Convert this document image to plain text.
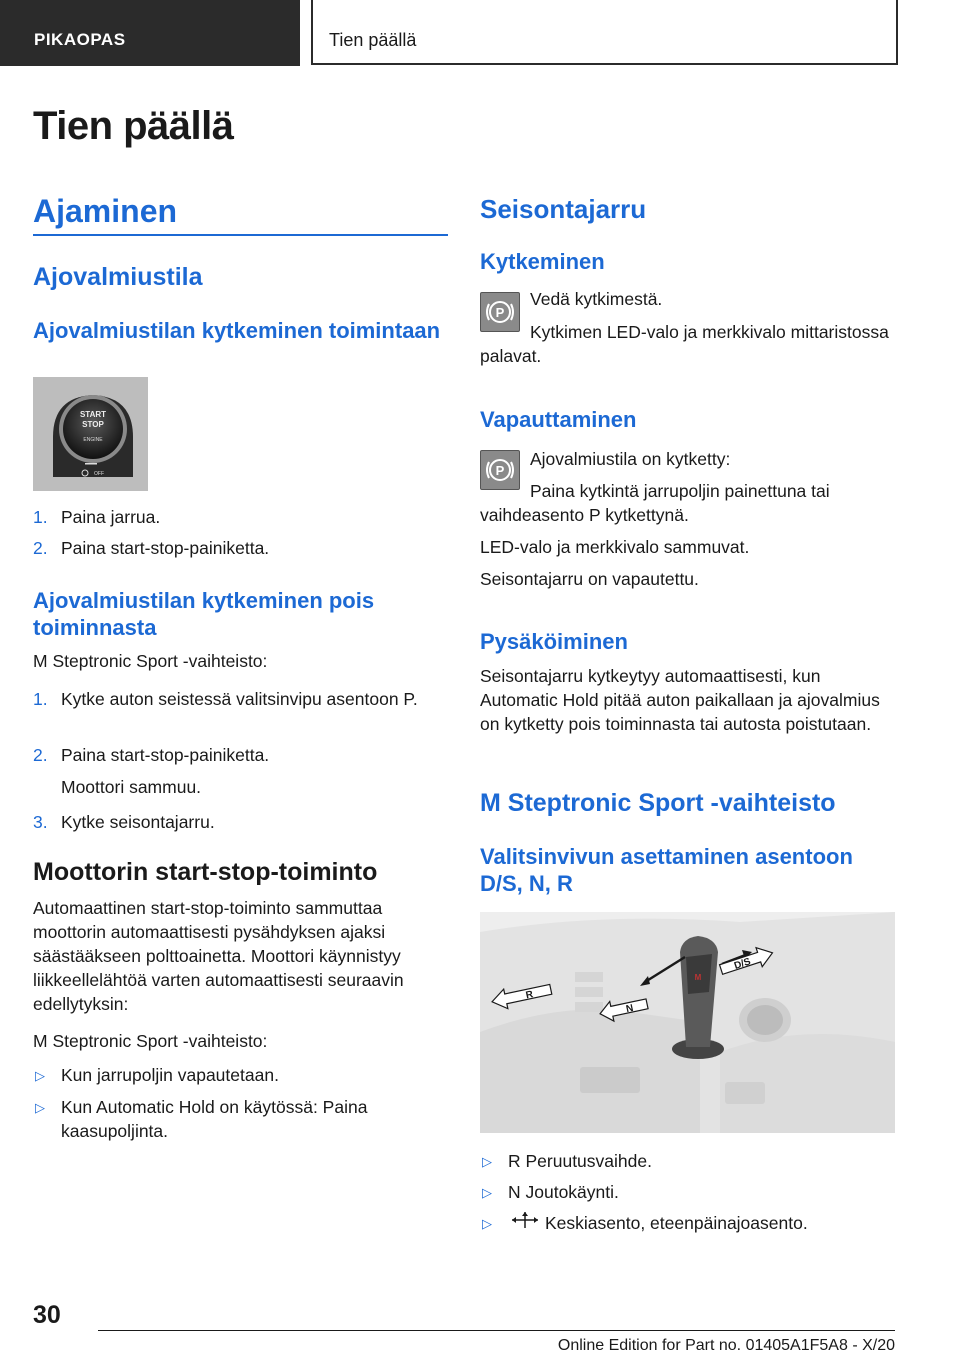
PIKAOPAS	Tien päällä
Tien päällä
Ajaminen
Ajovalmiustila
Ajovalmiustilan kytkeminen toimintaan
START
STOP
ENGINE
OFF
1. Paina jarrua.
2. Paina start-stop-painiketta.
Ajovalmiustilan kytkeminen pois toiminnasta

M Steptronic Sport -vaihteisto:

1. Kytke auton seistessä valitsinvipu asentoon P.
2. Paina start-stop-painiketta.
Moottori sammuu.
3. Kytke seisontajarru.
Moottorin start-stop-toiminto

Automaattinen start-stop-toiminto sammuttaa moottorin automaattisesti pysähdyksen ajaksi säästääkseen polttoainetta. Moottori käynnistyy liikkeellelähtöä varten automaattisesti seuraavin edellytyksin:

M Steptronic Sport -vaihteisto:

▷ Kun jarrupoljin vapautetaan.
▷ Kun Automatic Hold on käytössä: Paina kaasupoljinta.
Seisontajarru
Kytkeminen
P
Vedä kytkimestä.

Kytkimen LED-valo ja merkkivalo mittaristossa palavat.

Vapauttaminen
P
Ajovalmiustila on kytketty:

Paina kytkintä jarrupoljin painettuna tai vaihdeasento P kytkettynä.

LED-valo ja merkkivalo sammuvat.

Seisontajarru on vapautettu.

Pysäköiminen

Seisontajarru kytkeytyy automaattisesti, kun Automatic Hold pitää auton paikallaan ja ajovalmius on kytketty pois toiminnasta tai autosta poistutaan.

M Steptronic Sport -vaihteisto
Valitsinvivun asettaminen asentoon D/S, N, R
M
R
N
D/S
▷ R Peruutusvaihde.
▷ N Joutokäynti.
▷	Keskiasento, eteenpäinajoasento.
30
Online Edition for Part no. 01405A1F5A8 - X/20
